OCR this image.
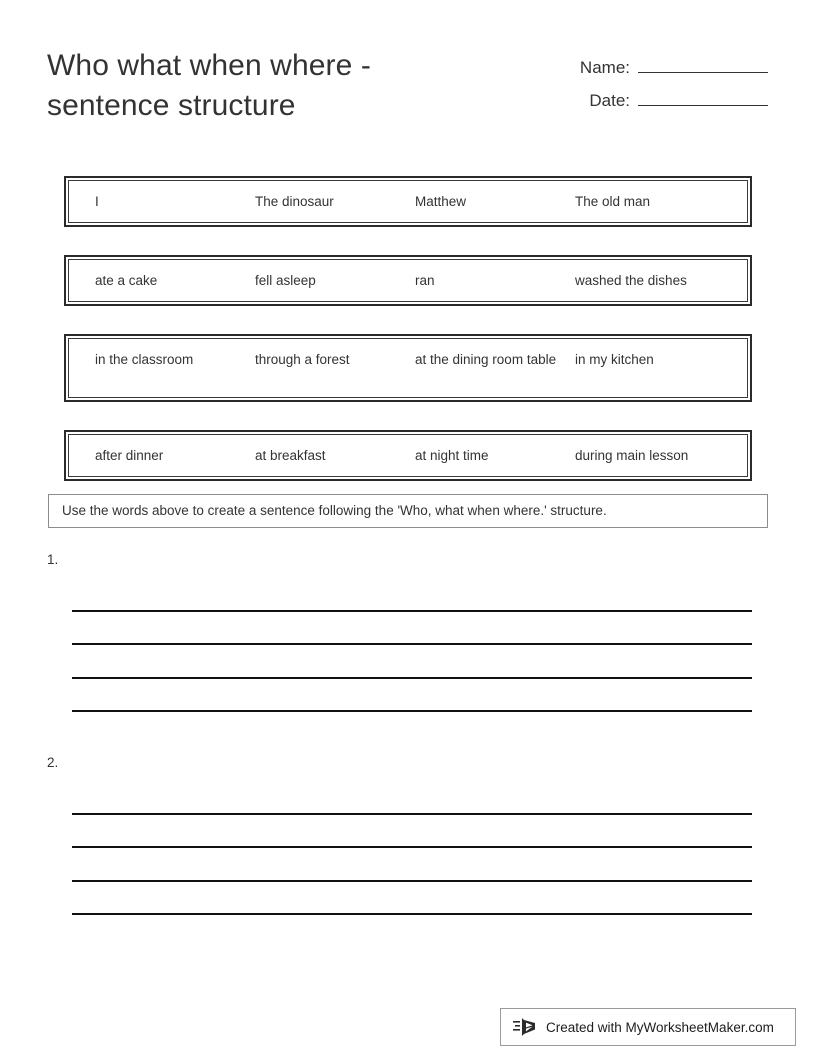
Who what when where - sentence structure
Name:
Date:
I	The dinosaur	Matthew	The old man
ate a cake	fell asleep	ran	washed the dishes
in the classroom	through a forest	at the dining room table	in my kitchen
after dinner	at breakfast	at night time	during main lesson
Use the words above to create a sentence following the 'Who, what when where.' structure.
1.
2.
Created with MyWorksheetMaker.com
